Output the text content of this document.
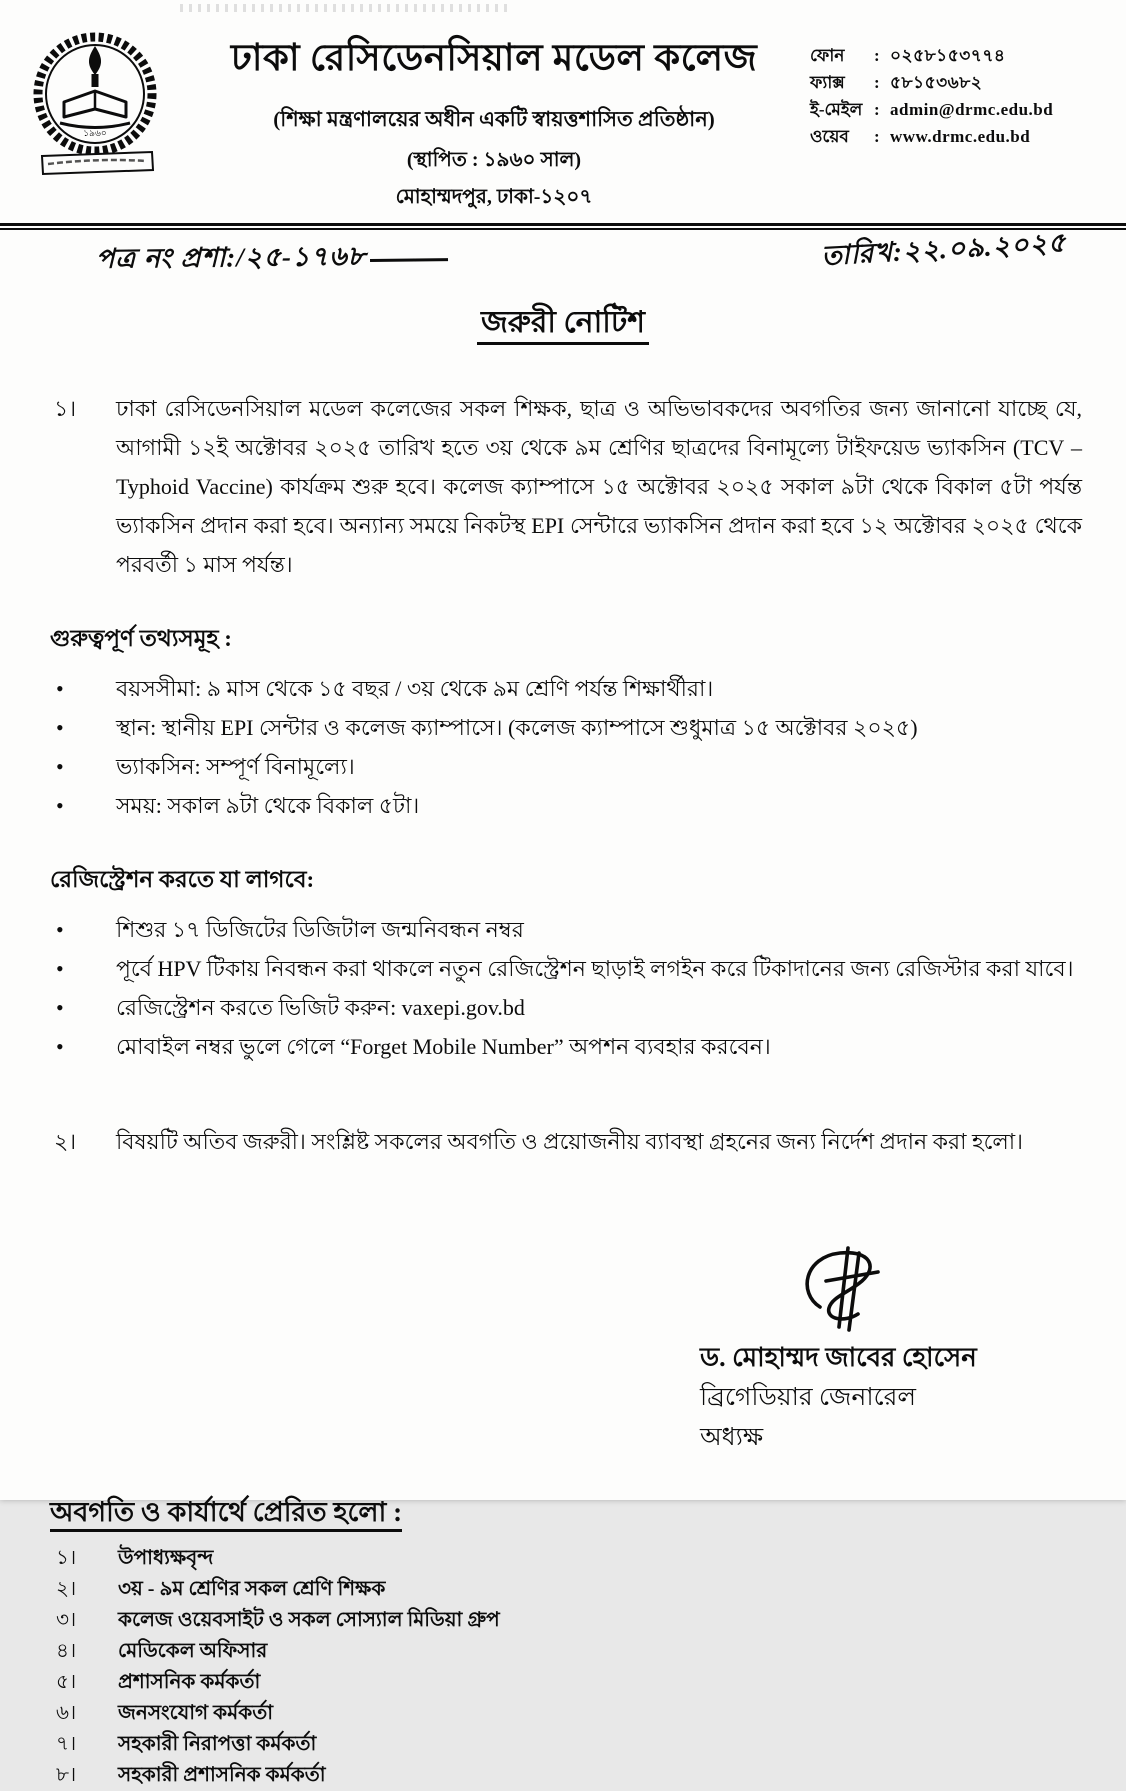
১৯৬০
ঢাকা রেসিডেনসিয়াল মডেল কলেজ
(শিক্ষা মন্ত্রণালয়ের অধীন একটি স্বায়ত্তশাসিত প্রতিষ্ঠান)
(স্থাপিত : ১৯৬০ সাল)
মোহাম্মদপুর, ঢাকা-১২০৭
ফোন	: ০২৫৮১৫৩৭৭৪
ফ্যাক্স	: ৫৮১৫৩৬৮২
ই-মেইল : admin@drmc.edu.bd
ওয়েব	: www.drmc.edu.bd
পত্র নং প্রশা:/২৫-১৭৬৮	তারিখ:২২.০৯.২০২৫
জরুরী নোটিশ
১।	ঢাকা রেসিডেনসিয়াল মডেল কলেজের সকল শিক্ষক, ছাত্র ও অভিভাবকদের অবগতির জন্য জানানো যাচ্ছে যে, আগামী ১২ই অক্টোবর ২০২৫ তারিখ হতে ৩য় থেকে ৯ম শ্রেণির ছাত্রদের বিনামূল্যে টাইফয়েড ভ্যাকসিন (TCV – Typhoid Vaccine) কার্যক্রম শুরু হবে। কলেজ ক্যাম্পাসে ১৫ অক্টোবর ২০২৫ সকাল ৯টা থেকে বিকাল ৫টা পর্যন্ত ভ্যাকসিন প্রদান করা হবে। অন্যান্য সময়ে নিকটস্থ EPI সেন্টারে ভ্যাকসিন প্রদান করা হবে ১২ অক্টোবর ২০২৫ থেকে পরবর্তী ১ মাস পর্যন্ত।
গুরুত্বপূর্ণ তথ্যসমূহ :
•	বয়সসীমা: ৯ মাস থেকে ১৫ বছর / ৩য় থেকে ৯ম শ্রেণি পর্যন্ত শিক্ষার্থীরা।
•	স্থান: স্থানীয় EPI সেন্টার ও কলেজ ক্যাম্পাসে। (কলেজ ক্যাম্পাসে শুধুমাত্র ১৫ অক্টোবর ২০২৫)
•	ভ্যাকসিন: সম্পূর্ণ বিনামূল্যে।
•	সময়: সকাল ৯টা থেকে বিকাল ৫টা।
রেজিস্ট্রেশন করতে যা লাগবে:
•	শিশুর ১৭ ডিজিটের ডিজিটাল জন্মনিবন্ধন নম্বর
•	পূর্বে HPV টিকায় নিবন্ধন করা থাকলে নতুন রেজিস্ট্রেশন ছাড়াই লগইন করে টিকাদানের জন্য রেজিস্টার করা যাবে।
•	রেজিস্ট্রেশন করতে ভিজিট করুন: vaxepi.gov.bd
•	মোবাইল নম্বর ভুলে গেলে “Forget Mobile Number” অপশন ব্যবহার করবেন।
২।	বিষয়টি অতিব জরুরী। সংশ্লিষ্ট সকলের অবগতি ও প্রয়োজনীয় ব্যাবস্থা গ্রহনের জন্য নির্দেশ প্রদান করা হলো।
ড. মোহাম্মদ জাবের হোসেন
ব্রিগেডিয়ার জেনারেল
অধ্যক্ষ
অবগতি ও কার্যার্থে প্রেরিত হলো :
১।	উপাধ্যক্ষবৃন্দ
২।	৩য় - ৯ম শ্রেণির সকল শ্রেণি শিক্ষক
৩।	কলেজ ওয়েবসাইট ও সকল সোস্যাল মিডিয়া গ্রুপ
৪।	মেডিকেল অফিসার
৫।	প্রশাসনিক কর্মকর্তা
৬।	জনসংযোগ কর্মকর্তা
৭।	সহকারী নিরাপত্তা কর্মকর্তা
৮।	সহকারী প্রশাসনিক কর্মকর্তা
